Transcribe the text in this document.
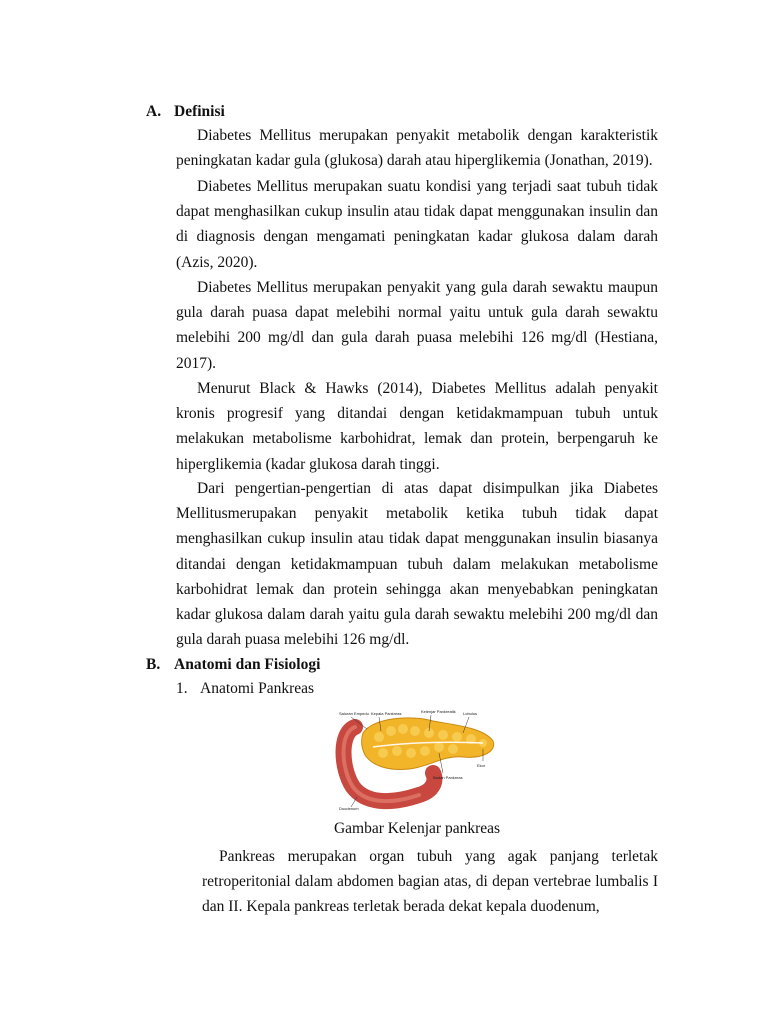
A. Definisi
Diabetes Mellitus merupakan penyakit metabolik dengan karakteristik peningkatan kadar gula (glukosa) darah atau hiperglikemia (Jonathan, 2019).
Diabetes Mellitus merupakan suatu kondisi yang terjadi saat tubuh tidak dapat menghasilkan cukup insulin atau tidak dapat menggunakan insulin dan di diagnosis dengan mengamati peningkatan kadar glukosa dalam darah (Azis, 2020).
Diabetes Mellitus merupakan penyakit yang gula darah sewaktu maupun gula darah puasa dapat melebihi normal yaitu untuk gula darah sewaktu melebihi 200 mg/dl dan gula darah puasa melebihi 126 mg/dl (Hestiana, 2017).
Menurut Black & Hawks (2014), Diabetes Mellitus adalah penyakit kronis progresif yang ditandai dengan ketidakmampuan tubuh untuk melakukan metabolisme karbohidrat, lemak dan protein, berpengaruh ke hiperglikemia (kadar glukosa darah tinggi.
Dari pengertian-pengertian di atas dapat disimpulkan jika Diabetes Mellitusmerupakan penyakit metabolik ketika tubuh tidak dapat menghasilkan cukup insulin atau tidak dapat menggunakan insulin biasanya ditandai dengan ketidakmampuan tubuh dalam melakukan metabolisme karbohidrat lemak dan protein sehingga akan menyebabkan peningkatan kadar glukosa dalam darah yaitu gula darah sewaktu melebihi 200 mg/dl dan gula darah puasa melebihi 126 mg/dl.
B. Anatomi dan Fisiologi
1. Anatomi Pankreas
Saluran Empedu Kepala Pankreas	Kelenjar Pankreatik Lobulus
Ekor
Badan Pankreas
Duodenum
Gambar Kelenjar pankreas
Pankreas merupakan organ tubuh yang agak panjang terletak retroperitonial dalam abdomen bagian atas, di depan vertebrae lumbalis I dan II. Kepala pankreas terletak berada dekat kepala duodenum,
